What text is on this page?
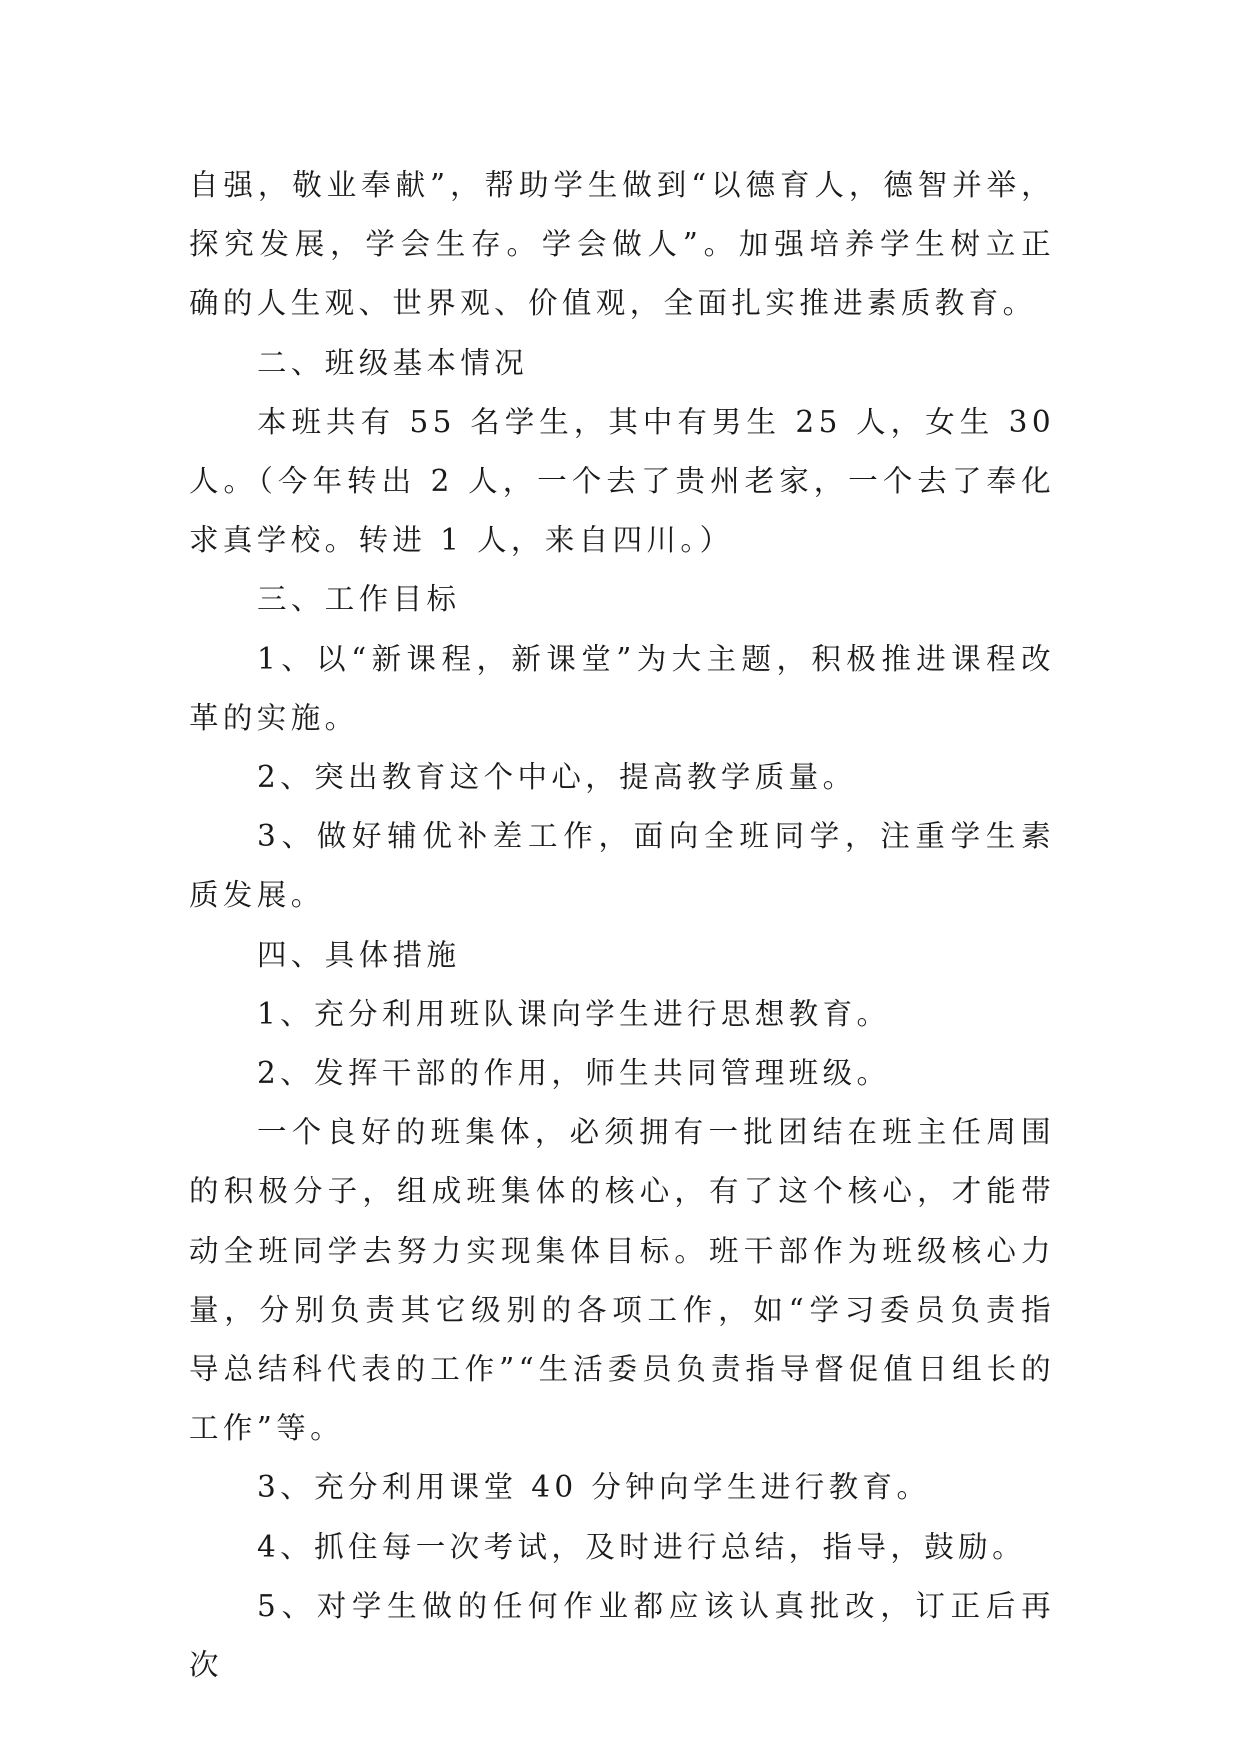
自强，敬业奉献”，帮助学生做到“以德育人，德智并举，探究发展，学会生存。学会做人”。加强培养学生树立正确的人生观、世界观、价值观，全面扎实推进素质教育。

二、班级基本情况

本班共有 55 名学生，其中有男生 25 人，女生 30 人。（今年转出 2 人，一个去了贵州老家，一个去了奉化求真学校。转进 1 人，来自四川。）

三、工作目标

1、以“新课程，新课堂”为大主题，积极推进课程改革的实施。

2、突出教育这个中心，提高教学质量。

3、做好辅优补差工作，面向全班同学，注重学生素质发展。

四、具体措施

1、充分利用班队课向学生进行思想教育。

2、发挥干部的作用，师生共同管理班级。

一个良好的班集体，必须拥有一批团结在班主任周围的积极分子，组成班集体的核心，有了这个核心，才能带动全班同学去努力实现集体目标。班干部作为班级核心力量，分别负责其它级别的各项工作，如“学习委员负责指导总结科代表的工作”“生活委员负责指导督促值日组长的工作”等。

3、充分利用课堂 40 分钟向学生进行教育。

4、抓住每一次考试，及时进行总结，指导，鼓励。

5、对学生做的任何作业都应该认真批改，订正后再次
